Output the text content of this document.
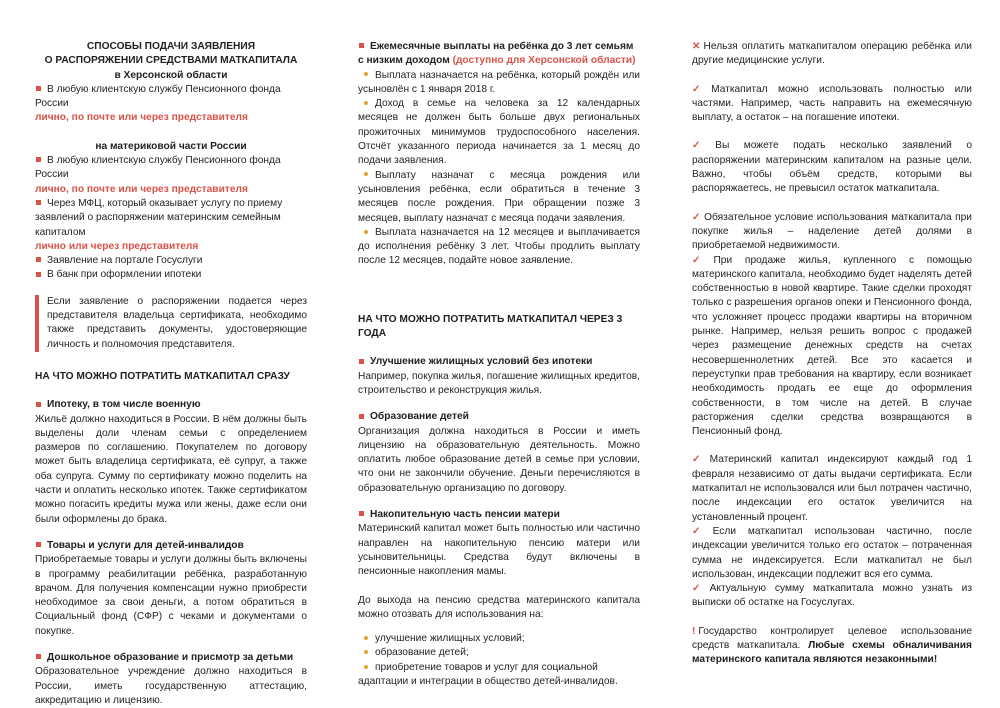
СПОСОБЫ ПОДАЧИ ЗАЯВЛЕНИЯ

О РАСПОРЯЖЕНИИ СРЕДСТВАМИ МАТКАПИТАЛА

в Херсонской области

В любую клиентскую службу Пенсионного фонда России
лично, по почте или через представителя

на материковой части России

В любую клиентскую службу Пенсионного фонда России
лично, по почте или через представителя

Через МФЦ, который оказывает услугу по приему заявлений о распоряжении материнским семейным капиталом
лично или через представителя

Заявление на портале Госуслуги

В банк при оформлении ипотеки

Если заявление о распоряжении подается через представителя владельца сертификата, необходимо также представить документы, удостоверяющие личность и полномочия представителя.

НА ЧТО МОЖНО ПОТРАТИТЬ МАТКАПИТАЛ СРАЗУ

Ипотеку, в том числе военную

Жильё должно находиться в России. В нём должны быть выделены доли членам семьи с определением размеров по соглашению. Покупателем по договору может быть владелица сертификата, её супруг, а также оба супруга. Сумму по сертификату можно поделить на части и оплатить несколько ипотек. Также сертификатом можно погасить кредиты мужа или жены, даже если они были оформлены до брака.

Товары и услуги для детей-инвалидов

Приобретаемые товары и услуги должны быть включены в программу реабилитации ребёнка, разработанную врачом. Для получения компенсации нужно приобрести необходимое за свои деньги, а потом обратиться в Социальный фонд (СФР) с чеками и документами о покупке.

Дошкольное образование и присмотр за детьми

Образовательное учреждение должно находиться в России, иметь государственную аттестацию, аккредитацию и лицензию.

Ежемесячные выплаты на ребёнка до 3 лет семьям с низким доходом (доступно для Херсонской области)

Выплата назначается на ребёнка, который рождён или усыновлён с 1 января 2018 г.

Доход в семье на человека за 12 календарных месяцев не должен быть больше двух региональных прожиточных минимумов трудоспособного населения. Отсчёт указанного периода начинается за 1 месяц до подачи заявления.

Выплату назначат с месяца рождения или усыновления ребёнка, если обратиться в течение 3 месяцев после рождения. При обращении позже 3 месяцев, выплату назначат с месяца подачи заявления.

Выплата назначается на 12 месяцев и выплачивается до исполнения ребёнку 3 лет. Чтобы продлить выплату после 12 месяцев, подайте новое заявление.

НА ЧТО МОЖНО ПОТРАТИТЬ МАТКАПИТАЛ ЧЕРЕЗ 3 ГОДА

Улучшение жилищных условий без ипотеки

Например, покупка жилья, погашение жилищных кредитов, строительство и реконструкция жилья.

Образование детей

Организация должна находиться в России и иметь лицензию на образовательную деятельность. Можно оплатить любое образование детей в семье при условии, что они не закончили обучение. Деньги перечисляются в образовательную организацию по договору.

Накопительную часть пенсии матери

Материнский капитал может быть полностью или частично направлен на накопительную пенсию матери или усыновительницы. Средства будут включены в пенсионные накопления мамы.

До выхода на пенсию средства материнского капитала можно отозвать для использования на:

улучшение жилищных условий;

образование детей;

приобретение товаров и услуг для социальной адаптации и интеграции в общество детей-инвалидов.

✕ Нельзя оплатить маткапиталом операцию ребёнка или другие медицинские услуги.

✓ Маткапитал можно использовать полностью или частями. Например, часть направить на ежемесячную выплату, а остаток – на погашение ипотеки.

✓ Вы можете подать несколько заявлений о распоряжении материнским капиталом на разные цели. Важно, чтобы объём средств, которыми вы распоряжаетесь, не превысил остаток маткапитала.

✓ Обязательное условие использования маткапитала при покупке жилья – наделение детей долями в приобретаемой недвижимости.

✓ При продаже жилья, купленного с помощью материнского капитала, необходимо будет наделять детей собственностью в новой квартире. Такие сделки проходят только с разрешения органов опеки и Пенсионного фонда, что усложняет процесс продажи квартиры на вторичном рынке. Например, нельзя решить вопрос с продажей через размещение денежных средств на счетах несовершеннолетних детей. Все это касается и переуступки прав требования на квартиру, если возникает необходимость продать ее еще до оформления собственности, в том числе на детей. В случае расторжения сделки средства возвращаются в Пенсионный фонд.

✓ Материнский капитал индексируют каждый год 1 февраля независимо от даты выдачи сертификата. Если маткапитал не использовался или был потрачен частично, после индексации его остаток увеличится на установленный процент.

✓ Если маткапитал использован частично, после индексации увеличится только его остаток – потраченная сумма не индексируется. Если маткапитал не был использован, индексации подлежит вся его сумма.

✓ Актуальную сумму маткапитала можно узнать из выписки об остатке на Госуслугах.

! Государство контролирует целевое использование средств маткапитала. Любые схемы обналичивания материнского капитала являются незаконными!
